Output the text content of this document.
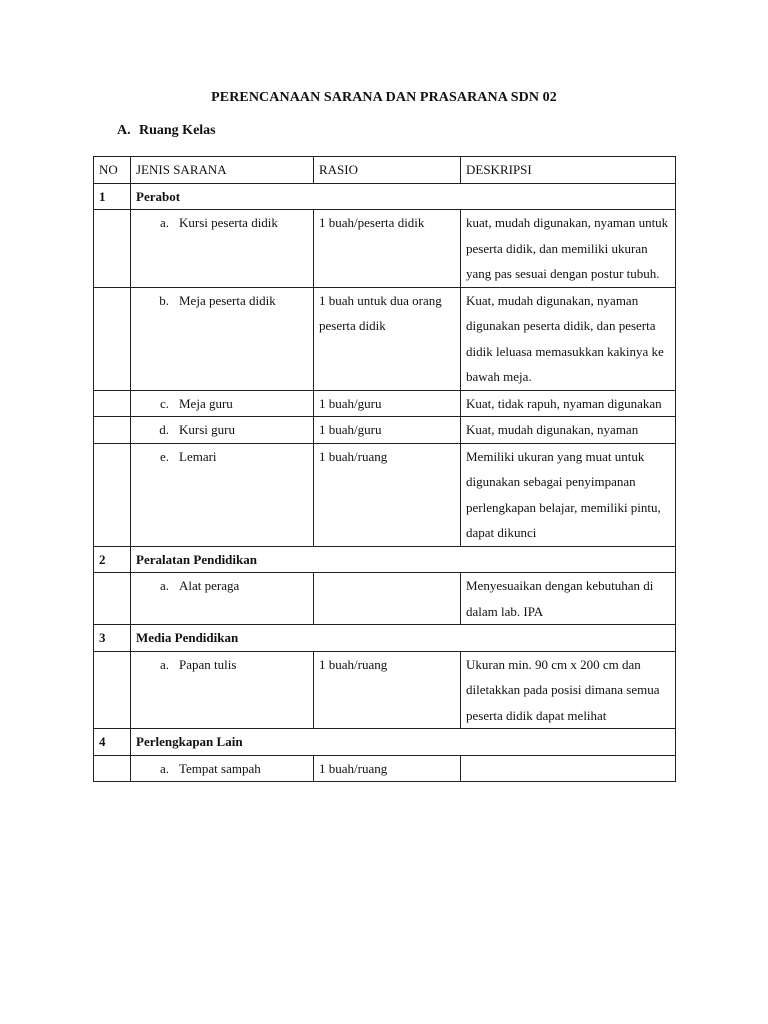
PERENCANAAN SARANA DAN PRASARANA SDN 02
A. Ruang Kelas
NO	JENIS SARANA	RASIO	DESKRIPSI
1	Perabot		

	a. Kursi peserta didik	1 buah/peserta didik	kuat, mudah digunakan, nyaman untuk peserta didik, dan memiliki ukuran yang pas sesuai dengan postur tubuh.

	b. Meja peserta didik	1 buah untuk dua orang peserta didik	Kuat, mudah digunakan, nyaman digunakan peserta didik, dan peserta didik leluasa memasukkan kakinya ke bawah meja.

	c. Meja guru	1 buah/guru	Kuat, tidak rapuh, nyaman digunakan

	d. Kursi guru	1 buah/guru	Kuat, mudah digunakan, nyaman

	e. Lemari	1 buah/ruang	Memiliki ukuran yang muat untuk digunakan sebagai penyimpanan perlengkapan belajar, memiliki pintu, dapat dikunci
2	Peralatan Pendidikan		

	a. Alat peraga		Menyesuaikan dengan kebutuhan di dalam lab. IPA
3	Media Pendidikan		

	a. Papan tulis	1 buah/ruang	Ukuran min. 90 cm x 200 cm dan diletakkan pada posisi dimana semua peserta didik dapat melihat
4	Perlengkapan Lain		

	a. Tempat sampah	1 buah/ruang	
